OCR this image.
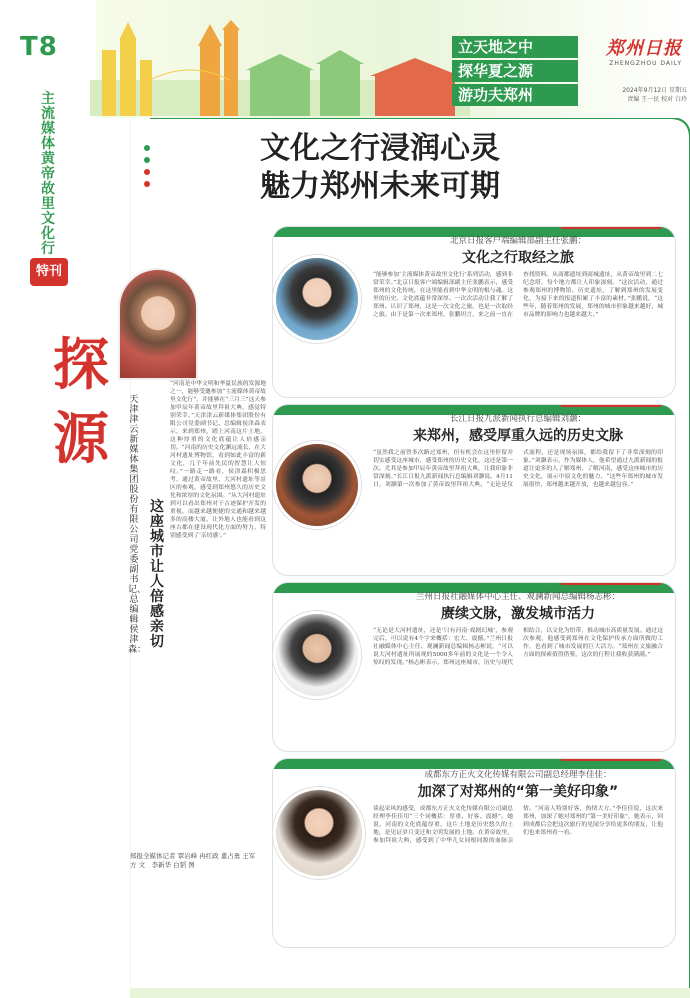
T8	立天地之中
探华夏之源
游功夫郑州
郑州日报
ZHENGZHOU DAILY
2024年9月12日 星期五
责编 王一民 校对 白玲
主流媒体黄帝故里文化行
特刊
探源
文化之行浸润心灵
魅力郑州未来可期
天津津云新媒体集团股份有限公司党委副书记、总编辑侯津森：
这座城市让人倍感亲切
“河南是中华文明和华夏民族的发源地之一，能够受邀参加“主流媒体黄帝故里文化行”，并能够在“三月三”这天参加甲辰年黄帝故里拜祖大典，感觉特别荣幸。”天津津云新媒体集团股份有限公司党委副书记、总编辑侯津森表示，来到郑州，踏上河南这片土地，这种厚重的文化底蕴让人倍感亲切。“河南的历史文化渊远流长，在大河村遗址博物馆，看到如此丰富的新文化，几千年前先民的智慧让人惊叹。”一路走一路看，侯津森积极思考，通过黄帝故里、大河村遗址等景区的参观，感受到郑州悠久的历史文化和浓厚的文化氛围。“从大河村遗址到可以看出郑州对于古迹保护开发的重视，而越来越便捷的交通和越来越多的高楼大厦，让外地人也能看到这座古都在建设现代化方面的努力，特别感受到了‘亲切感’。”
郑报全媒体记者 覃岩峰 冉红政 董占勇 王军方 文　李新华 白韬 图
北京日报客户端编辑部副主任张鹏：
文化之行取经之旅
“能够参加‘主流媒体黄帝故里文化行’系列活动，感到非常荣幸。”北京日报客户端编辑部副主任张鹏表示，感受郑州的文化传统，在这里能看到中华文明的根与魂。这里的历史、文化底蕴非常深厚。一次次活动让我了解了郑州、认识了郑州，这是一次文化之旅，也是一次取经之旅。由于是第一次来郑州，张鹏坦言，来之前一直在查找资料。从商都遗址到商城遗址，从黄帝故里到二七纪念塔，每个地方都让人印象深刻。“这次活动，通过参观郑州的博物馆、历史遗址，了解到郑州的发展变化，为接下来的报道积累了丰富的素材。”张鹏说，“这些年，随着郑州的发展，郑州的城市形象越来越好，城市品牌的影响力也越来越大。”
长江日报九派新闻执行总编辑刘灏：
来郑州，感受厚重久远的历史文脉
“虽然我之前曾多次路过郑州，但有机会在这里停留并切实感受这座城市，感受郑州的历史文化，这还是第一次。尤其是参加甲辰年黄帝故里拜祖大典，让我印象非常深刻。”长江日报九派新闻执行总编辑刘灏说。4月11日，刘灏第一次参加了黄帝故里拜祖大典。“无论是仪式流程，还是现场氛围，都给我留下了非常深刻的印象。”刘灏表示，作为媒体人，他希望通过九派新闻的报道让更多的人了解郑州、了解河南，感受这座城市的历史文化，展示中原文化的魅力。“这些年郑州的城市发展很快，郑州越来越开放，也越来越包容。”
兰州日报社融媒体中心主任、观澜新闻总编辑杨志彬：
赓续文脉，激发城市活力
“无论是大河村遗址，还是‘只有河南·戏剧幻城’，参观完后，可以说有4个字来概括：宏大、震撼。”兰州日报社融媒体中心主任、观澜新闻总编辑杨志彬说，“可以说大河村遗址所展现的5000多年前的文化是一个令人惊叹的发现。”杨志彬表示，郑州这座城市，历史与现代相结合，以文化为纽带，推动城市高质量发展。通过这次参观，他感受到郑州在文化保护传承方面所做的工作，也看到了城市发展的巨大活力。“郑州在文旅融合方面的探索值得借鉴，这次的行程让我收获满满。”
成都东方正火文化传媒有限公司副总经理李佳佳：
加深了对郑州的“第一美好印象”
谈起采风的感受，成都东方正火文化传媒有限公司副总经理李佳佳用“三个词概括：厚重、好客、震撼”。她说，河南的文化底蕴厚重，这片土地是历史悠久的土地，是见证岁月变迁和文明发展的土地。在黄帝故里，参加拜祖大典，感受到了中华儿女同根同源的血脉亲情。“河南人特别好客，热情大方。”李佳佳说，这次来郑州，加深了她对郑州的“第一美好印象”，她表示，回到成都后会把这次旅行的见闻分享给更多的朋友，让他们也来郑州看一看。
